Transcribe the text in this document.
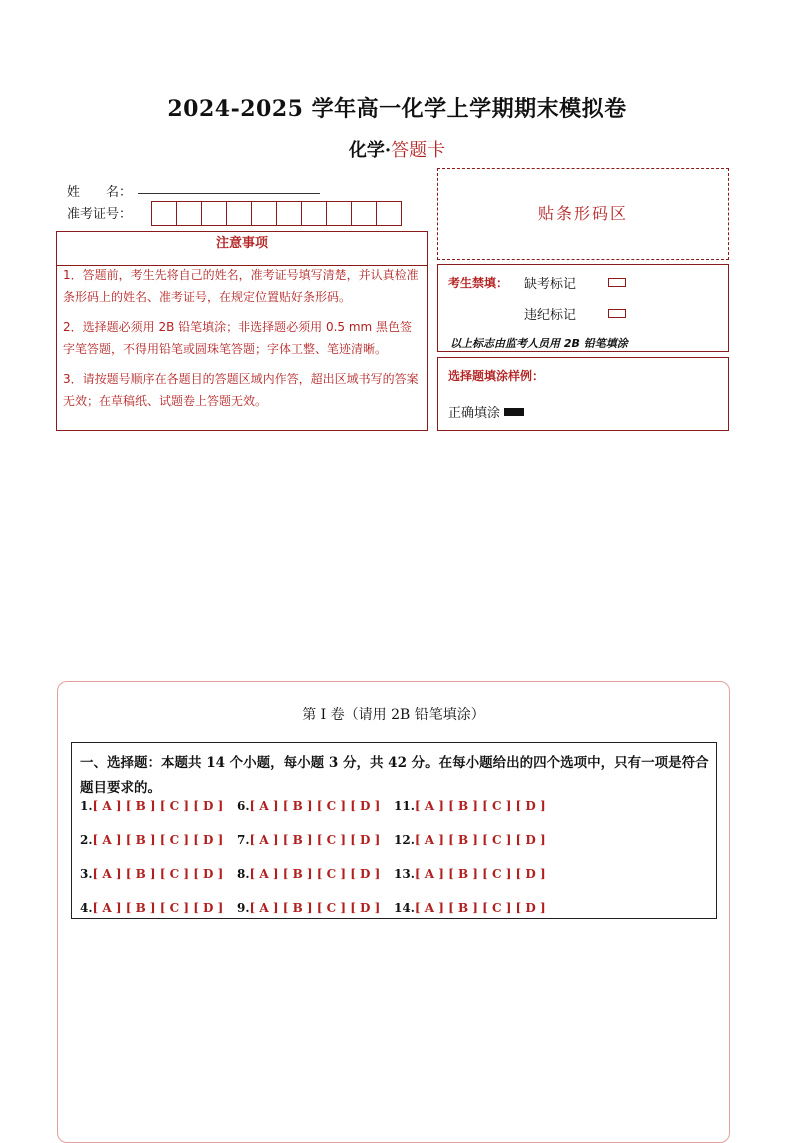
2024-2025 学年高一化学上学期期末模拟卷
化学·答题卡
姓　　名：
准考证号：
注意事项
1．答题前，考生先将自己的姓名，准考证号填写清楚，并认真检准条形码上的姓名、准考证号，在规定位置贴好条形码。
2．选择题必须用 2B 铅笔填涂；非选择题必须用 0.5 mm 黑色签字笔答题，不得用铅笔或圆珠笔答题；字体工整、笔迹清晰。
3．请按题号顺序在各题目的答题区域内作答，超出区域书写的答案无效；在草稿纸、试题卷上答题无效。
贴条形码区
考生禁填： 缺考标记
违纪标记
以上标志由监考人员用 2B 铅笔填涂
选择题填涂样例：
正确填涂
第 I 卷（请用 2B 铅笔填涂）
一、选择题：本题共 14 个小题，每小题 3 分，共 42 分。在每小题给出的四个选项中，只有一项是符合题目要求的。
1.[ A ] [ B ] [ C ] [ D ]
2.[ A ] [ B ] [ C ] [ D ]
3.[ A ] [ B ] [ C ] [ D ]
4.[ A ] [ B ] [ C ] [ D ]
6.[ A ] [ B ] [ C ] [ D ]
7.[ A ] [ B ] [ C ] [ D ]
8.[ A ] [ B ] [ C ] [ D ]
9.[ A ] [ B ] [ C ] [ D ]
11.[ A ] [ B ] [ C ] [ D ]
12.[ A ] [ B ] [ C ] [ D ]
13.[ A ] [ B ] [ C ] [ D ]
14.[ A ] [ B ] [ C ] [ D ]
